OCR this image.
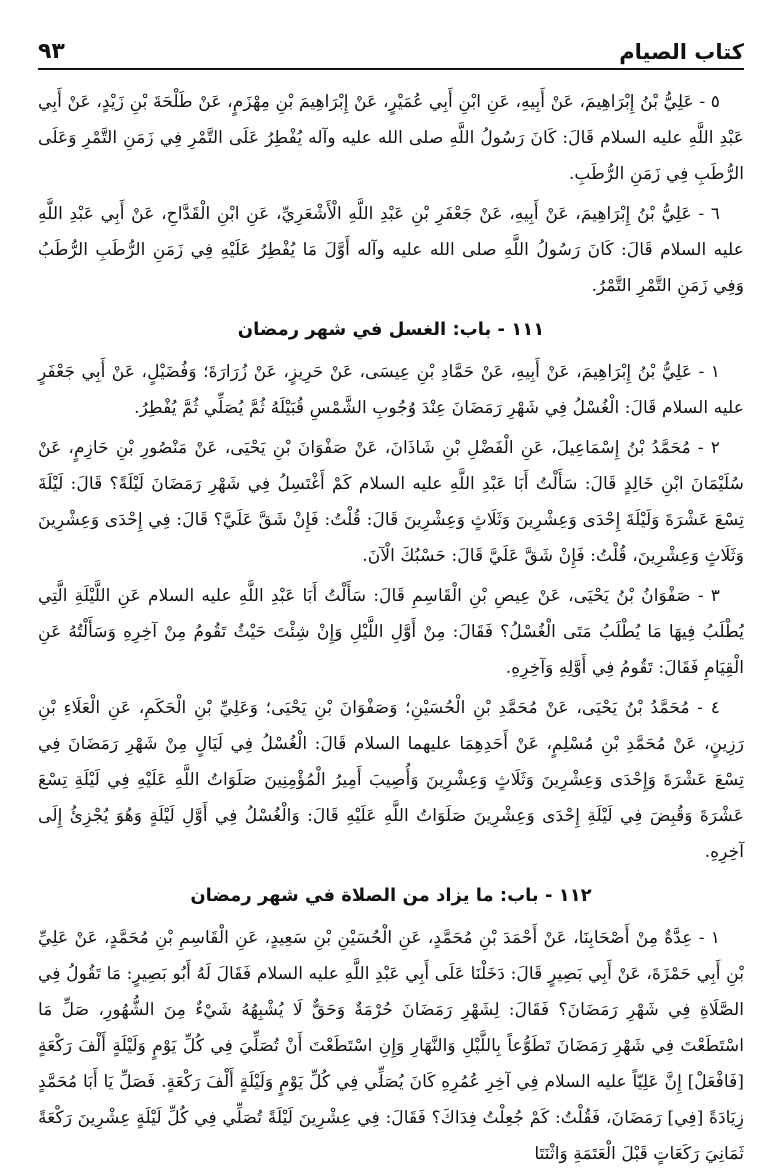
كتاب الصيام
٩٣

٥ - عَلِيُّ بْنُ إِبْرَاهِيمَ، عَنْ أَبِيهِ، عَنِ ابْنِ أَبِي عُمَيْرٍ، عَنْ إِبْرَاهِيمَ بْنِ مِهْزَمٍ، عَنْ طَلْحَةَ بْنِ زَيْدٍ، عَنْ أَبِي عَبْدِ اللَّهِ عليه السلام قَالَ: كَانَ رَسُولُ اللَّهِ صلى الله عليه وآله يُفْطِرُ عَلَى التَّمْرِ فِي زَمَنِ التَّمْرِ وَعَلَى الرُّطَبِ فِي زَمَنِ الرُّطَبِ.

٦ - عَلِيُّ بْنُ إِبْرَاهِيمَ، عَنْ أَبِيهِ، عَنْ جَعْفَرِ بْنِ عَبْدِ اللَّهِ الْأَشْعَرِيِّ، عَنِ ابْنِ الْقَدَّاحِ، عَنْ أَبِي عَبْدِ اللَّهِ عليه السلام قَالَ: كَانَ رَسُولُ اللَّهِ صلى الله عليه وآله أَوَّلَ مَا يُفْطِرُ عَلَيْهِ فِي زَمَنِ الرُّطَبِ الرُّطَبُ وَفِي زَمَنِ التَّمْرِ التَّمْرُ.

١١١ - باب: الغسل في شهر رمضان

١ - عَلِيُّ بْنُ إِبْرَاهِيمَ، عَنْ أَبِيهِ، عَنْ حَمَّادِ بْنِ عِيسَى، عَنْ حَرِيزٍ، عَنْ زُرَارَةَ؛ وَفُضَيْلٍ، عَنْ أَبِي جَعْفَرٍ عليه السلام قَالَ: الْغُسْلُ فِي شَهْرِ رَمَضَانَ عِنْدَ وُجُوبِ الشَّمْسِ قُبَيْلَهُ ثُمَّ يُصَلِّي ثُمَّ يُفْطِرُ.

٢ - مُحَمَّدُ بْنُ إِسْمَاعِيلَ، عَنِ الْفَضْلِ بْنِ شَاذَانَ، عَنْ صَفْوَانَ بْنِ يَحْيَى، عَنْ مَنْصُورِ بْنِ حَازِمٍ، عَنْ سُلَيْمَانَ ابْنِ خَالِدٍ قَالَ: سَأَلْتُ أَبَا عَبْدِ اللَّهِ عليه السلام كَمْ أَغْتَسِلُ فِي شَهْرِ رَمَضَانَ لَيْلَةً؟ قَالَ: لَيْلَةَ تِسْعَ عَشْرَةَ وَلَيْلَةَ إِحْدَى وَعِشْرِينَ وَثَلَاثٍ وَعِشْرِينَ قَالَ: قُلْتُ: فَإِنْ شَقَّ عَلَيَّ؟ قَالَ: فِي إِحْدَى وَعِشْرِينَ وَثَلَاثٍ وَعِشْرِينَ، قُلْتُ: فَإِنْ شَقَّ عَلَيَّ قَالَ: حَسْبُكَ الْآنَ.

٣ - صَفْوَانُ بْنُ يَحْيَى، عَنْ عِيصِ بْنِ الْقَاسِمِ قَالَ: سَأَلْتُ أَبَا عَبْدِ اللَّهِ عليه السلام عَنِ اللَّيْلَةِ الَّتِي يُطْلَبُ فِيهَا مَا يُطْلَبُ مَتَى الْغُسْلُ؟ فَقَالَ: مِنْ أَوَّلِ اللَّيْلِ وَإِنْ شِئْتَ حَيْثُ تَقُومُ مِنْ آخِرِهِ وَسَأَلْتُهُ عَنِ الْقِيَامِ فَقَالَ: تَقُومُ فِي أَوَّلِهِ وَآخِرِهِ.

٤ - مُحَمَّدُ بْنُ يَحْيَى، عَنْ مُحَمَّدِ بْنِ الْحُسَيْنِ؛ وَصَفْوَانَ بْنِ يَحْيَى؛ وَعَلِيِّ بْنِ الْحَكَمِ، عَنِ الْعَلَاءِ بْنِ رَزِينٍ، عَنْ مُحَمَّدِ بْنِ مُسْلِمٍ، عَنْ أَحَدِهِمَا عليهما السلام قَالَ: الْغُسْلُ فِي لَيَالٍ مِنْ شَهْرِ رَمَضَانَ فِي تِسْعَ عَشْرَةَ وَإِحْدَى وَعِشْرِينَ وَثَلَاثٍ وَعِشْرِينَ وَأُصِيبَ أَمِيرُ الْمُؤْمِنِينَ صَلَوَاتُ اللَّهِ عَلَيْهِ فِي لَيْلَةِ تِسْعَ عَشْرَةَ وَقُبِضَ فِي لَيْلَةِ إِحْدَى وَعِشْرِينَ صَلَوَاتُ اللَّهِ عَلَيْهِ قَالَ: وَالْغُسْلُ فِي أَوَّلِ لَيْلَةٍ وَهُوَ يُجْزِئُ إِلَى آخِرِهِ.

١١٢ - باب: ما يزاد من الصلاة في شهر رمضان

١ - عِدَّةٌ مِنْ أَصْحَابِنَا، عَنْ أَحْمَدَ بْنِ مُحَمَّدٍ، عَنِ الْحُسَيْنِ بْنِ سَعِيدٍ، عَنِ الْقَاسِمِ بْنِ مُحَمَّدٍ، عَنْ عَلِيِّ بْنِ أَبِي حَمْزَةَ، عَنْ أَبِي بَصِيرٍ قَالَ: دَخَلْنَا عَلَى أَبِي عَبْدِ اللَّهِ عليه السلام فَقَالَ لَهُ أَبُو بَصِيرٍ: مَا تَقُولُ فِي الصَّلَاةِ فِي شَهْرِ رَمَضَانَ؟ فَقَالَ: لِشَهْرِ رَمَضَانَ حُرْمَةٌ وَحَقٌّ لَا يُشْبِهُهُ شَيْءٌ مِنَ الشُّهُورِ، صَلِّ مَا اسْتَطَعْتَ فِي شَهْرِ رَمَضَانَ تَطَوُّعاً بِاللَّيْلِ وَالنَّهَارِ وَإِنِ اسْتَطَعْتَ أَنْ تُصَلِّيَ فِي كُلِّ يَوْمٍ وَلَيْلَةٍ أَلْفَ رَكْعَةٍ [فَافْعَلْ] إِنَّ عَلِيّاً عليه السلام فِي آخِرِ عُمُرِهِ كَانَ يُصَلِّي فِي كُلِّ يَوْمٍ وَلَيْلَةٍ أَلْفَ رَكْعَةٍ. فَصَلِّ يَا أَبَا مُحَمَّدٍ زِيَادَةً [فِي] رَمَضَانَ، فَقُلْتُ: كَمْ جُعِلْتُ فِدَاكَ؟ فَقَالَ: فِي عِشْرِينَ لَيْلَةً تُصَلِّي فِي كُلِّ لَيْلَةٍ عِشْرِينَ رَكْعَةً ثَمَانِيَ رَكَعَاتٍ قَبْلَ الْعَتَمَةِ وَاثْنَتَا
